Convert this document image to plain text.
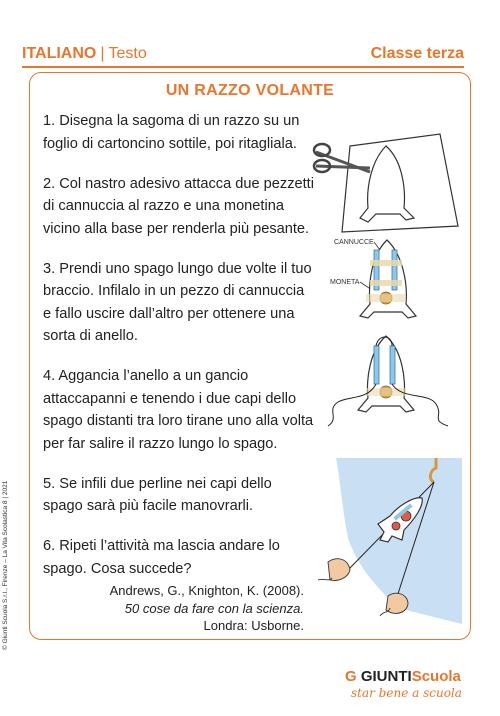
ITALIANO | Testo	Classe terza
UN RAZZO VOLANTE

1. Disegna la sagoma di un razzo su un foglio di cartoncino sottile, poi ritagliala.

2. Col nastro adesivo attacca due pezzetti di cannuccia al razzo e una monetina vicino alla base per renderla più pesante.

3. Prendi uno spago lungo due volte il tuo braccio. Infilalo in un pezzo di cannuccia e fallo uscire dall’altro per ottenere una sorta di anello.

4. Aggancia l’anello a un gancio attaccapanni e tenendo i due capi dello spago distanti tra loro tirane uno alla volta per far salire il razzo lungo lo spago.

5. Se infili due perline nei capi dello spago sarà più facile manovrarli.

6. Ripeti l’attività ma lascia andare lo spago. Cosa succede?

Andrews, G., Knighton, K. (2008).
50 cose da fare con la scienza.
Londra: Usborne.
CANNUCCE
MONETA
© Giunti Scuola S.r.l., Firenze – La Vita Scolastica 8 | 2021
G GIUNTIScuola
star bene a scuola
